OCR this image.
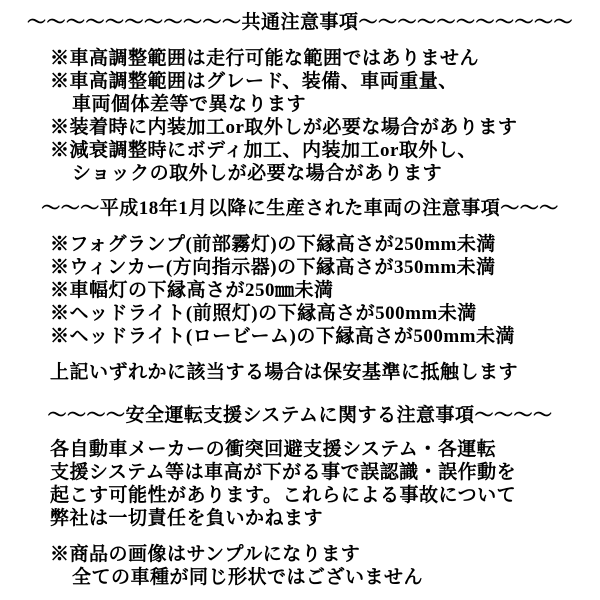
～～～～～～～～～～～共通注意事項～～～～～～～～～～～
※車高調整範囲は走行可能な範囲ではありません
※車高調整範囲はグレード、装備、車両重量、
車両個体差等で異なります
※装着時に内装加工or取外しが必要な場合があります
※減衰調整時にボディ加工、内装加工or取外し、
ショックの取外しが必要な場合があります
～～～平成18年1月以降に生産された車両の注意事項～～～
※フォグランプ(前部霧灯)の下縁高さが250mm未満
※ウィンカー(方向指示器)の下縁高さが350mm未満
※車幅灯の下縁高さが250㎜未満
※ヘッドライト(前照灯)の下縁高さが500mm未満
※ヘッドライト(ロービーム)の下縁高さが500mm未満
上記いずれかに該当する場合は保安基準に抵触します
～～～～安全運転支援システムに関する注意事項～～～～
各自動車メーカーの衝突回避支援システム・各運転
支援システム等は車高が下がる事で誤認識・誤作動を
起こす可能性があります。これらによる事故について
弊社は一切責任を負いかねます
※商品の画像はサンプルになります
全ての車種が同じ形状ではございません
